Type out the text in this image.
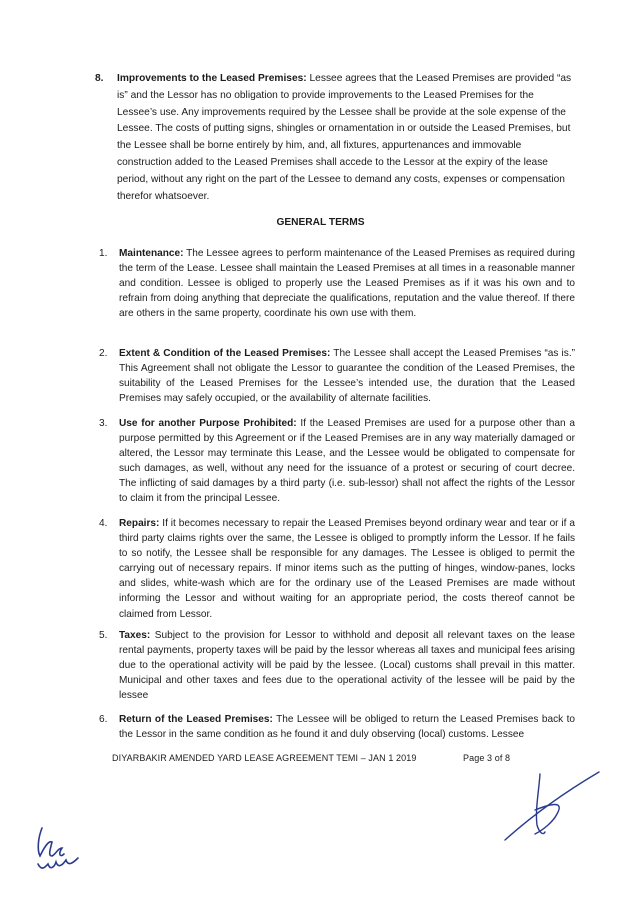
8.	Improvements to the Leased Premises: Lessee agrees that the Leased Premises are provided “as is” and the Lessor has no obligation to provide improvements to the Leased Premises for the Lessee’s use. Any improvements required by the Lessee shall be provide at the sole expense of the Lessee. The costs of putting signs, shingles or ornamentation in or outside the Leased Premises, but the Lessee shall be borne entirely by him, and, all fixtures, appurtenances and immovable construction added to the Leased Premises shall accede to the Lessor at the expiry of the lease period, without any right on the part of the Lessee to demand any costs, expenses or compensation therefor whatsoever.
GENERAL TERMS
1.	Maintenance: The Lessee agrees to perform maintenance of the Leased Premises as required during the term of the Lease. Lessee shall maintain the Leased Premises at all times in a reasonable manner and condition. Lessee is obliged to properly use the Leased Premises as if it was his own and to refrain from doing anything that depreciate the qualifications, reputation and the value thereof. If there are others in the same property, coordinate his own use with them.
2.	Extent & Condition of the Leased Premises: The Lessee shall accept the Leased Premises “as is.” This Agreement shall not obligate the Lessor to guarantee the condition of the Leased Premises, the suitability of the Leased Premises for the Lessee’s intended use, the duration that the Leased Premises may safely occupied, or the availability of alternate facilities.
3.	Use for another Purpose Prohibited: If the Leased Premises are used for a purpose other than a purpose permitted by this Agreement or if the Leased Premises are in any way materially damaged or altered, the Lessor may terminate this Lease, and the Lessee would be obligated to compensate for such damages, as well, without any need for the issuance of a protest or securing of court decree. The inflicting of said damages by a third party (i.e. sub-lessor) shall not affect the rights of the Lessor to claim it from the principal Lessee.
4.	Repairs: If it becomes necessary to repair the Leased Premises beyond ordinary wear and tear or if a third party claims rights over the same, the Lessee is obliged to promptly inform the Lessor. If he fails to so notify, the Lessee shall be responsible for any damages. The Lessee is obliged to permit the carrying out of necessary repairs. If minor items such as the putting of hinges, window-panes, locks and slides, white-wash which are for the ordinary use of the Leased Premises are made without informing the Lessor and without waiting for an appropriate period, the costs thereof cannot be claimed from Lessor.
5.	Taxes: Subject to the provision for Lessor to withhold and deposit all relevant taxes on the lease rental payments, property taxes will be paid by the lessor whereas all taxes and municipal fees arising due to the operational activity will be paid by the lessee. (Local) customs shall prevail in this matter. Municipal and other taxes and fees due to the operational activity of the lessee will be paid by the lessee
6.	Return of the Leased Premises: The Lessee will be obliged to return the Leased Premises back to the Lessor in the same condition as he found it and duly observing (local) customs. Lessee
DIYARBAKIR AMENDED YARD LEASE AGREEMENT TEMI – JAN 1 2019	Page 3 of 8
